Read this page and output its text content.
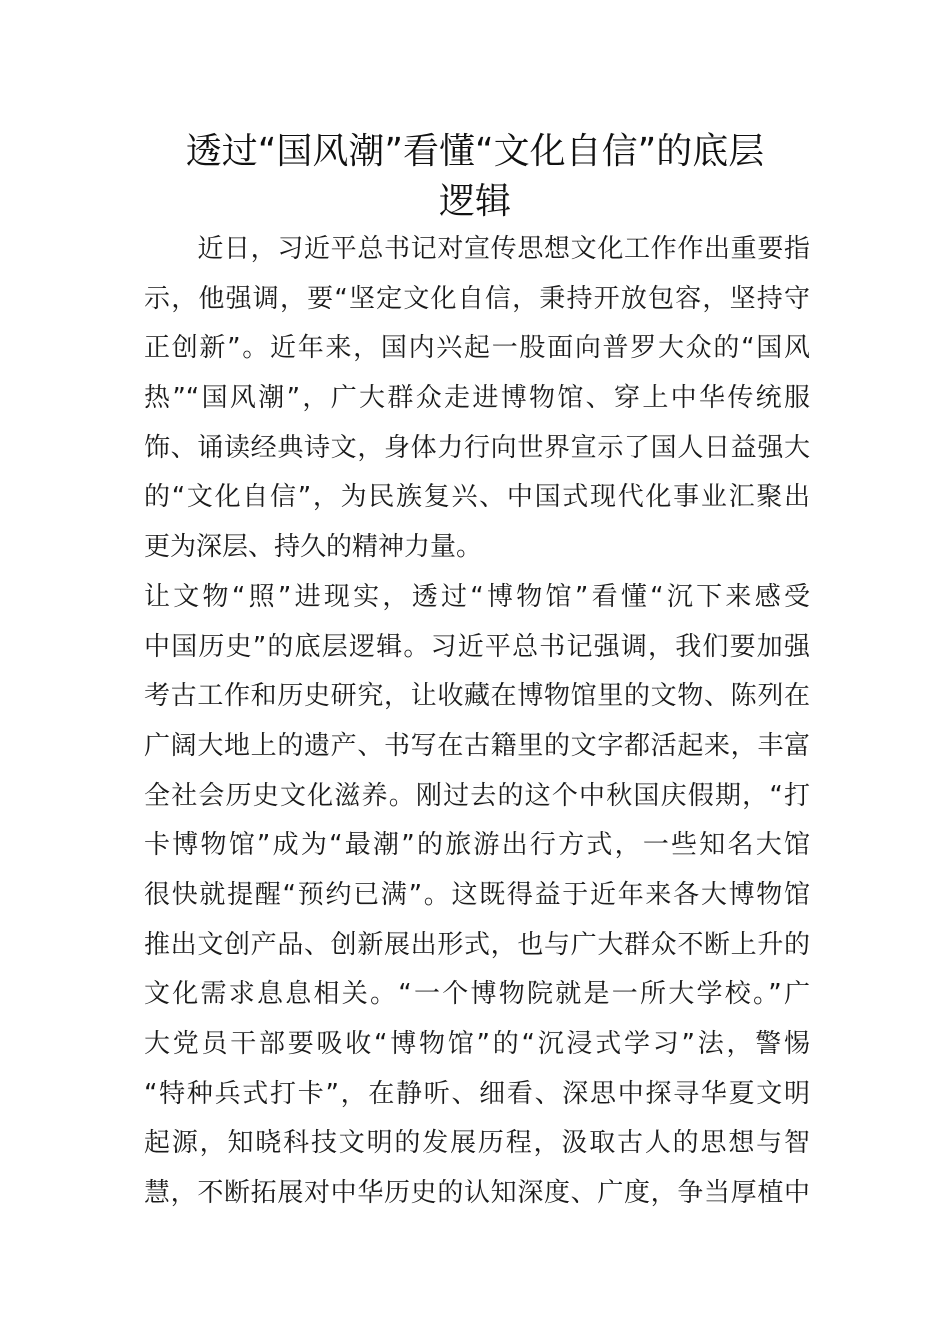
透过“国风潮”看懂“文化自信”的底层
逻辑
　　近日，习近平总书记对宣传思想文化工作作出重要指
示，他强调，要“坚定文化自信，秉持开放包容，坚持守
正创新”。近年来，国内兴起一股面向普罗大众的“国风
热”“国风潮”，广大群众走进博物馆、穿上中华传统服
饰、诵读经典诗文，身体力行向世界宣示了国人日益强大
的“文化自信”，为民族复兴、中国式现代化事业汇聚出
更为深层、持久的精神力量。
让文物“照”进现实，透过“博物馆”看懂“沉下来感受
中国历史”的底层逻辑。习近平总书记强调，我们要加强
考古工作和历史研究，让收藏在博物馆里的文物、陈列在
广阔大地上的遗产、书写在古籍里的文字都活起来，丰富
全社会历史文化滋养。刚过去的这个中秋国庆假期，“打
卡博物馆”成为“最潮”的旅游出行方式，一些知名大馆
很快就提醒“预约已满”。这既得益于近年来各大博物馆
推出文创产品、创新展出形式，也与广大群众不断上升的
文化需求息息相关。“一个博物院就是一所大学校。”广
大党员干部要吸收“博物馆”的“沉浸式学习”法，警惕
“特种兵式打卡”，在静听、细看、深思中探寻华夏文明
起源，知晓科技文明的发展历程，汲取古人的思想与智
慧，不断拓展对中华历史的认知深度、广度，争当厚植中
